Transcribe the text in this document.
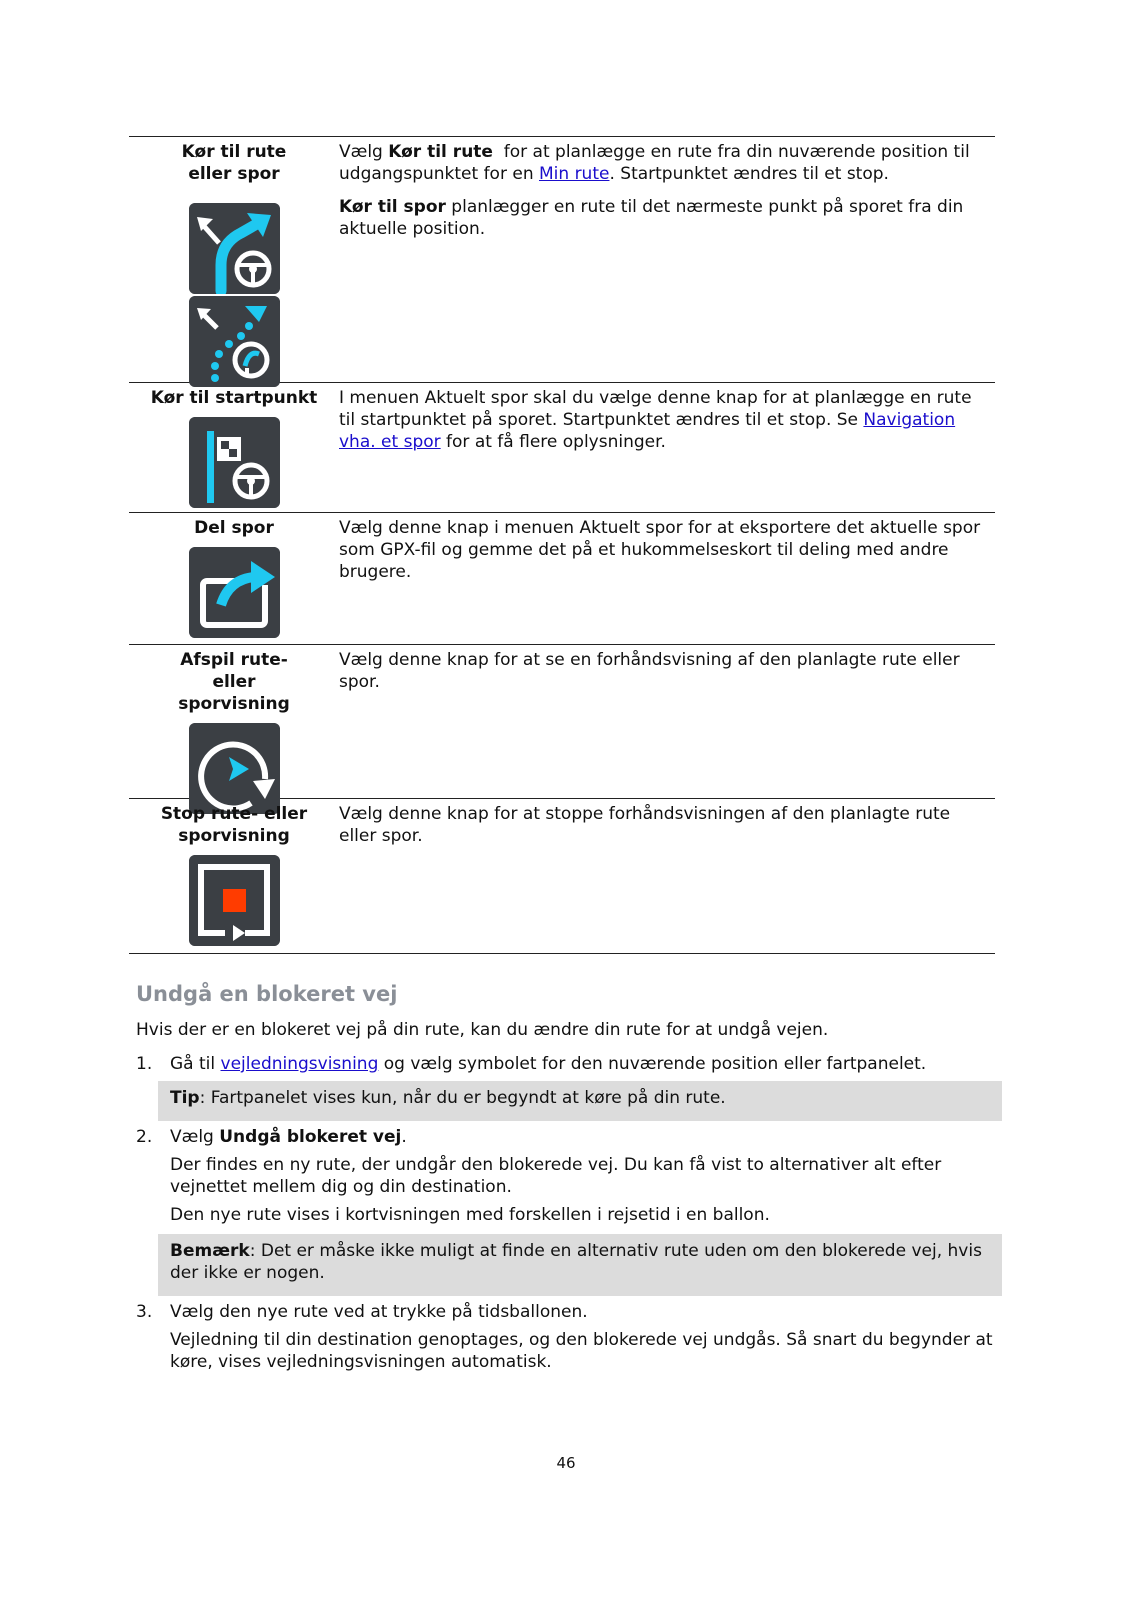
Kør til rute eller spor

Vælg Kør til rute  for at planlægge en rute fra din nuværende position til udgangspunktet for en Min rute. Startpunktet ændres til et stop.

Kør til spor planlægger en rute til det nærmeste punkt på sporet fra din aktuelle position.

Kør til startpunkt	I menuen Aktuelt spor skal du vælge denne knap for at planlægge en rute til startpunktet på sporet. Startpunktet ændres til et stop. Se Navigation vha. et spor for at få flere oplysninger.

Del spor	Vælg denne knap i menuen Aktuelt spor for at eksportere det aktuelle spor som GPX-fil og gemme det på et hukommelseskort til deling med andre brugere.

Afspil rute- eller sporvisning

Vælg denne knap for at se en forhåndsvisning af den planlagte rute eller spor.

Stop rute- eller sporvisning

Vælg denne knap for at stoppe forhåndsvisningen af den planlagte rute eller spor.

Undgå en blokeret vej

Hvis der er en blokeret vej på din rute, kan du ændre din rute for at undgå vejen.

1. Gå til vejledningsvisning og vælg symbolet for den nuværende position eller fartpanelet.

Tip: Fartpanelet vises kun, når du er begyndt at køre på din rute.
2. Vælg Undgå blokeret vej.

Der findes en ny rute, der undgår den blokerede vej. Du kan få vist to alternativer alt efter vejnettet mellem dig og din destination.

Den nye rute vises i kortvisningen med forskellen i rejsetid i en ballon.

Bemærk: Det er måske ikke muligt at finde en alternativ rute uden om den blokerede vej, hvis der ikke er nogen.
3. Vælg den nye rute ved at trykke på tidsballonen.

Vejledning til din destination genoptages, og den blokerede vej undgås. Så snart du begynder at køre, vises vejledningsvisningen automatisk.

46
